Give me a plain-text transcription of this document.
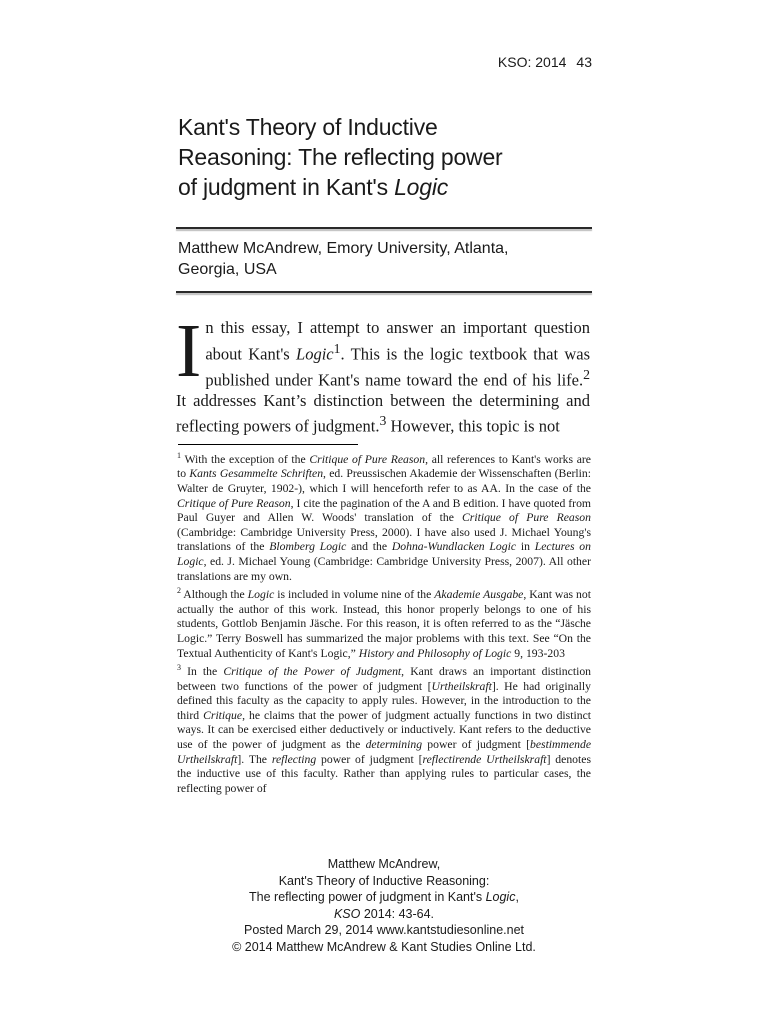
KSO: 2014 43
Kant's Theory of Inductive
Reasoning: The reflecting power
of judgment in Kant's Logic
Matthew McAndrew, Emory University, Atlanta,
Georgia, USA
In this essay, I attempt to answer an important question about Kant's Logic$^1$. This is the logic textbook that was published under Kant's name toward the end of his life.$^2$ It addresses Kant’s distinction between the determining and reflecting powers of judgment.$^3$ However, this topic is not

$^1$ With the exception of the Critique of Pure Reason, all references to Kant's works are to Kants Gesammelte Schriften, ed. Preussischen Akademie der Wissenschaften (Berlin: Walter de Gruyter, 1902-), which I will henceforth refer to as AA. In the case of the Critique of Pure Reason, I cite the pagination of the A and B edition. I have quoted from Paul Guyer and Allen W. Woods' translation of the Critique of Pure Reason (Cambridge: Cambridge University Press, 2000). I have also used J. Michael Young's translations of the Blomberg Logic and the Dohna-Wundlacken Logic in Lectures on Logic, ed. J. Michael Young (Cambridge: Cambridge University Press, 2007). All other translations are my own.

$^2$ Although the Logic is included in volume nine of the Akademie Ausgabe, Kant was not actually the author of this work. Instead, this honor properly belongs to one of his students, Gottlob Benjamin Jäsche. For this reason, it is often referred to as the “Jäsche Logic.” Terry Boswell has summarized the major problems with this text. See “On the Textual Authenticity of Kant's Logic,” History and Philosophy of Logic 9, 193-203

$^3$ In the Critique of the Power of Judgment, Kant draws an important distinction between two functions of the power of judgment [Urtheilskraft]. He had originally defined this faculty as the capacity to apply rules. However, in the introduction to the third Critique, he claims that the power of judgment actually functions in two distinct ways. It can be exercised either deductively or inductively. Kant refers to the deductive use of the power of judgment as the determining power of judgment [bestimmende Urtheilskraft]. The reflecting power of judgment [reflectirende Urtheilskraft] denotes the inductive use of this faculty. Rather than applying rules to particular cases, the reflecting power of

Matthew McAndrew,
Kant's Theory of Inductive Reasoning:
The reflecting power of judgment in Kant's Logic,
KSO 2014: 43-64.
Posted March 29, 2014 www.kantstudiesonline.net
© 2014 Matthew McAndrew & Kant Studies Online Ltd.
